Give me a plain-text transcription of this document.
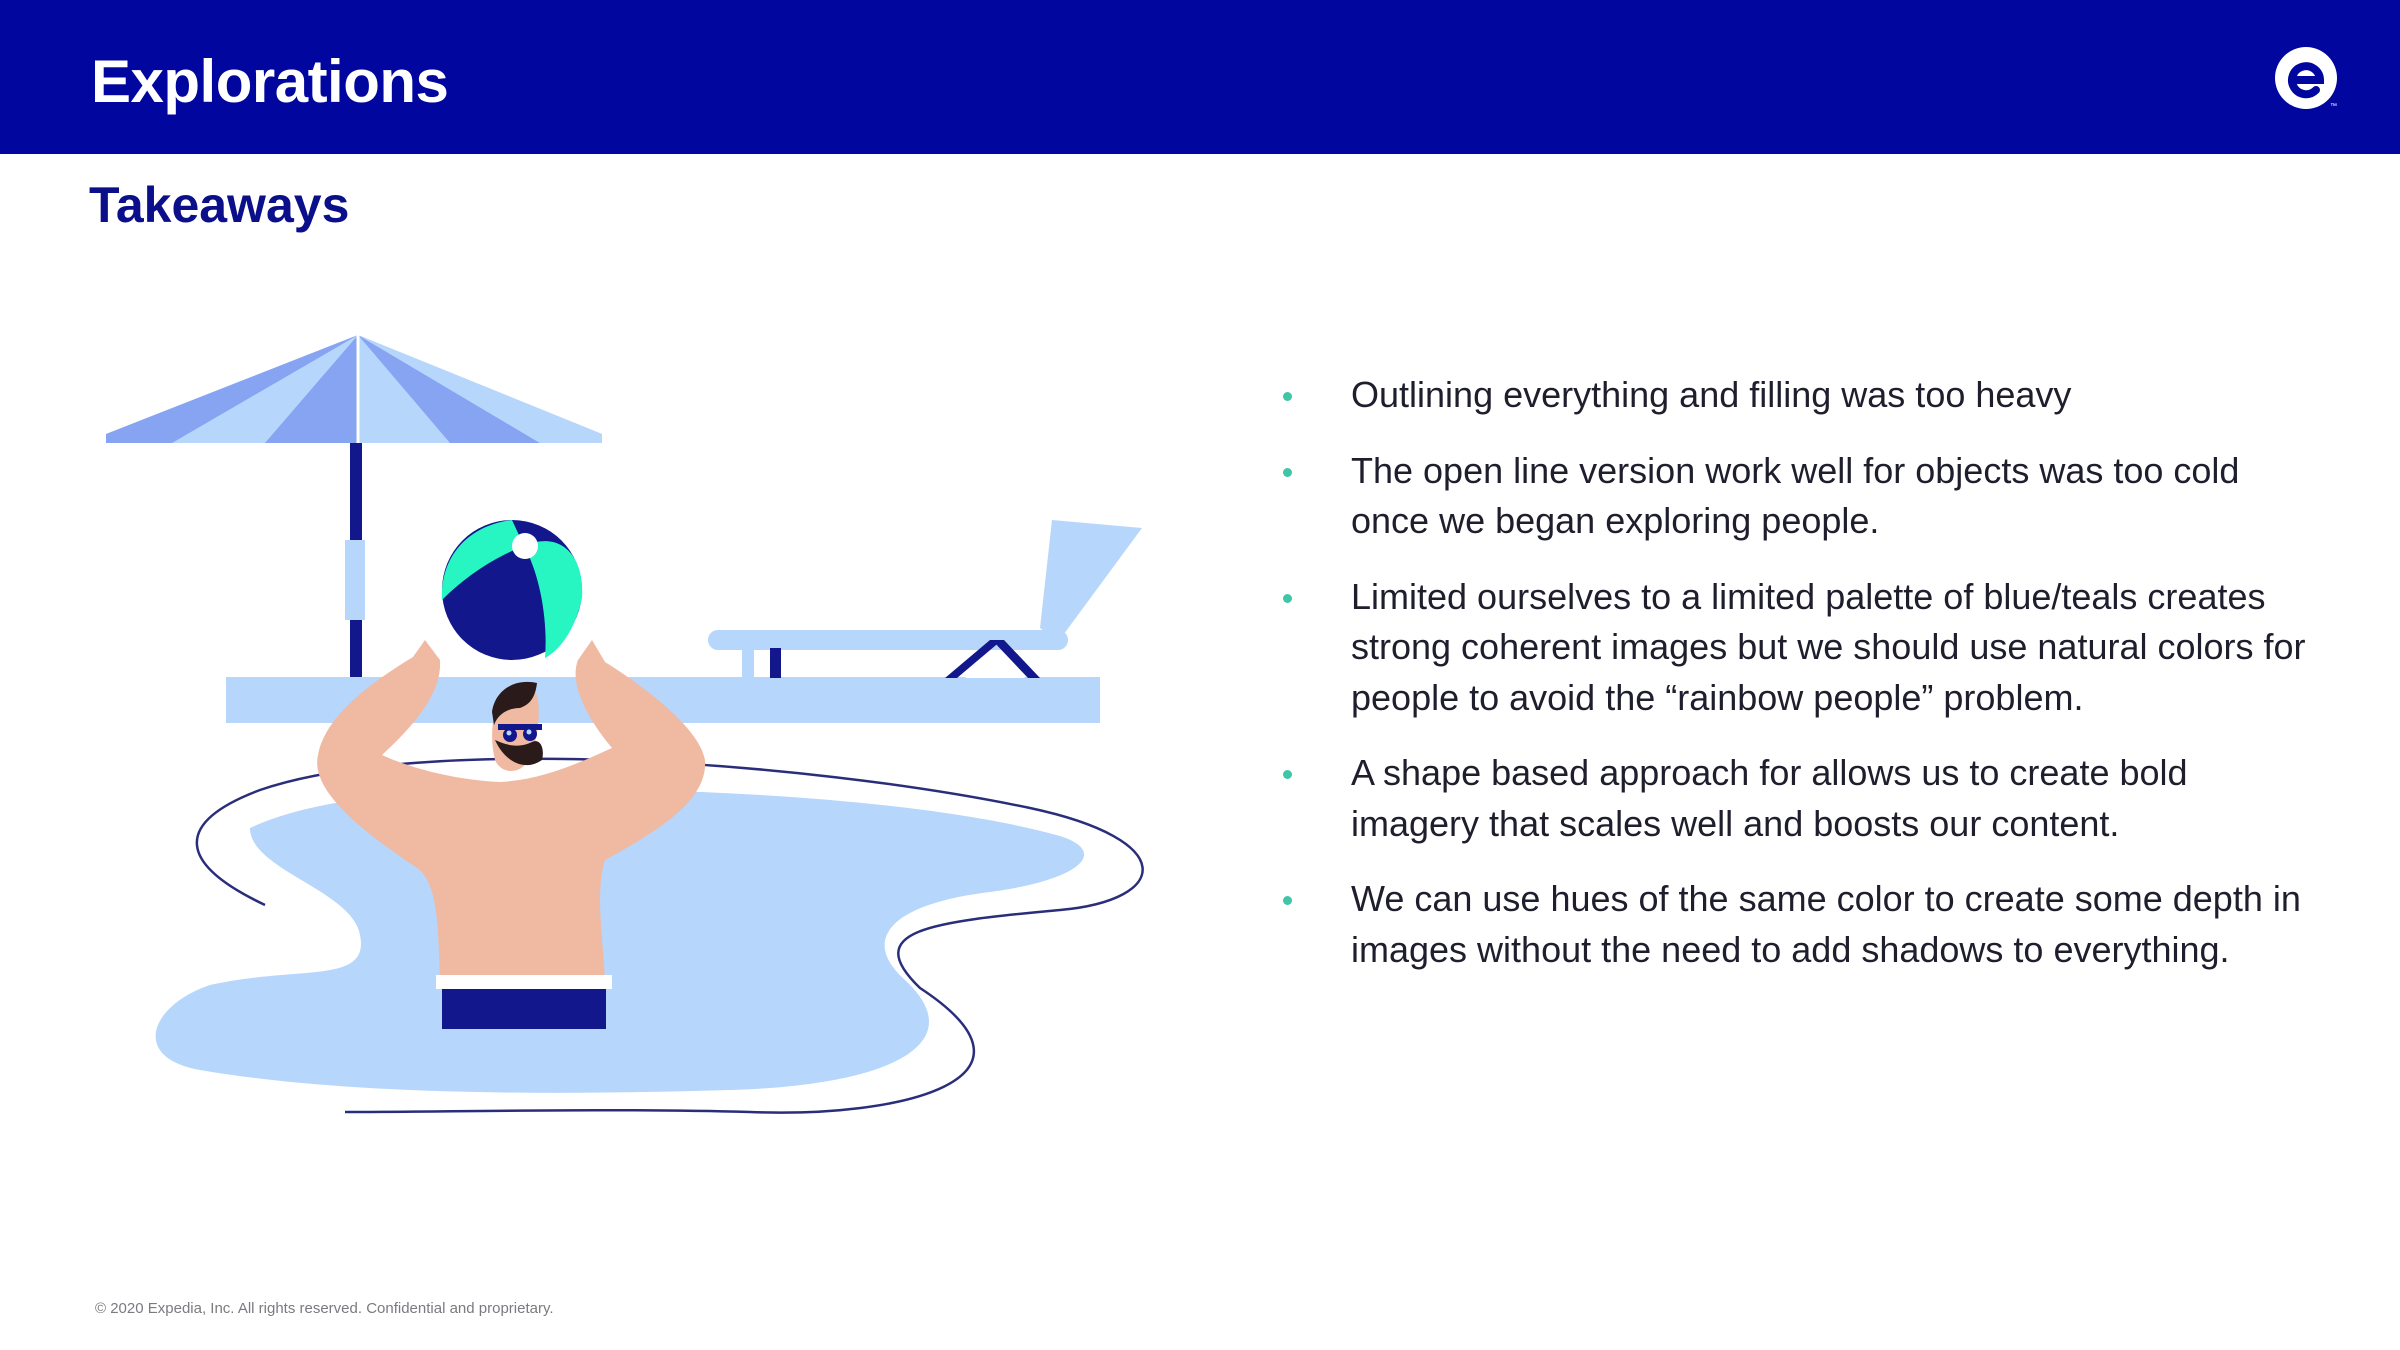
Explorations	™
Takeaways
Outlining everything and filling was too heavy
The open line version work well for objects was too cold once we began exploring people.
Limited ourselves to a limited palette of blue/teals creates strong coherent images but we should use natural colors for people to avoid the “rainbow people” problem.
A shape based approach for allows us to create bold imagery that scales well and boosts our content.
We can use hues of the same color to create some depth in images without the need to add shadows to everything.
© 2020 Expedia, Inc. All rights reserved. Confidential and proprietary.
